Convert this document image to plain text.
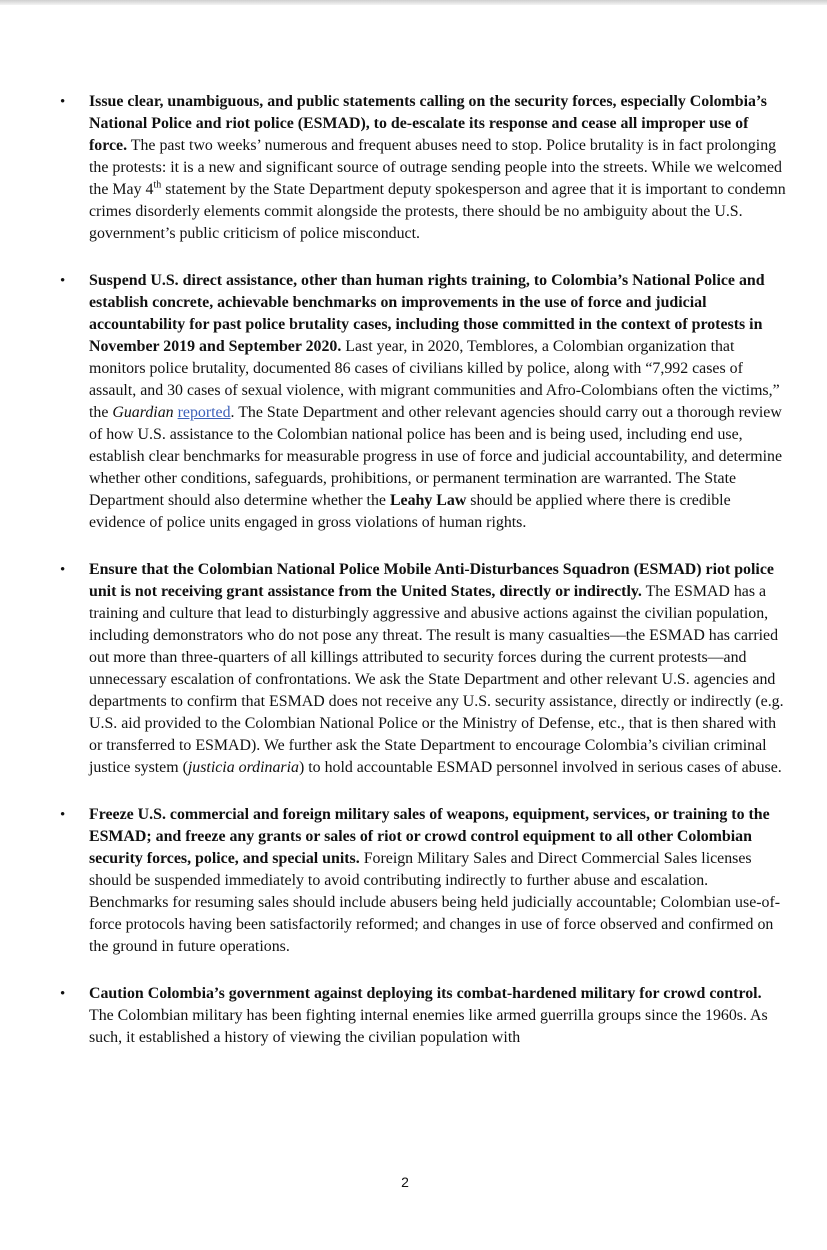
• Issue clear, unambiguous, and public statements calling on the security forces, especially Colombia’s National Police and riot police (ESMAD), to de-escalate its response and cease all improper use of force. The past two weeks’ numerous and frequent abuses need to stop. Police brutality is in fact prolonging the protests: it is a new and significant source of outrage sending people into the streets. While we welcomed the May 4th statement by the State Department deputy spokesperson and agree that it is important to condemn crimes disorderly elements commit alongside the protests, there should be no ambiguity about the U.S. government’s public criticism of police misconduct.
• Suspend U.S. direct assistance, other than human rights training, to Colombia’s National Police and establish concrete, achievable benchmarks on improvements in the use of force and judicial accountability for past police brutality cases, including those committed in the context of protests in November 2019 and September 2020. Last year, in 2020, Temblores, a Colombian organization that monitors police brutality, documented 86 cases of civilians killed by police, along with “7,992 cases of assault, and 30 cases of sexual violence, with migrant communities and Afro-Colombians often the victims,” the Guardian reported. The State Department and other relevant agencies should carry out a thorough review of how U.S. assistance to the Colombian national police has been and is being used, including end use, establish clear benchmarks for measurable progress in use of force and judicial accountability, and determine whether other conditions, safeguards, prohibitions, or permanent termination are warranted. The State Department should also determine whether the Leahy Law should be applied where there is credible evidence of police units engaged in gross violations of human rights.
• Ensure that the Colombian National Police Mobile Anti-Disturbances Squadron (ESMAD) riot police unit is not receiving grant assistance from the United States, directly or indirectly. The ESMAD has a training and culture that lead to disturbingly aggressive and abusive actions against the civilian population, including demonstrators who do not pose any threat. The result is many casualties—the ESMAD has carried out more than three-quarters of all killings attributed to security forces during the current protests—and unnecessary escalation of confrontations. We ask the State Department and other relevant U.S. agencies and departments to confirm that ESMAD does not receive any U.S. security assistance, directly or indirectly (e.g. U.S. aid provided to the Colombian National Police or the Ministry of Defense, etc., that is then shared with or transferred to ESMAD). We further ask the State Department to encourage Colombia’s civilian criminal justice system (justicia ordinaria) to hold accountable ESMAD personnel involved in serious cases of abuse.
• Freeze U.S. commercial and foreign military sales of weapons, equipment, services, or training to the ESMAD; and freeze any grants or sales of riot or crowd control equipment to all other Colombian security forces, police, and special units. Foreign Military Sales and Direct Commercial Sales licenses should be suspended immediately to avoid contributing indirectly to further abuse and escalation. Benchmarks for resuming sales should include abusers being held judicially accountable; Colombian use-of-force protocols having been satisfactorily reformed; and changes in use of force observed and confirmed on the ground in future operations.
• Caution Colombia’s government against deploying its combat-hardened military for crowd control. The Colombian military has been fighting internal enemies like armed guerrilla groups since the 1960s. As such, it established a history of viewing the civilian population with
2
